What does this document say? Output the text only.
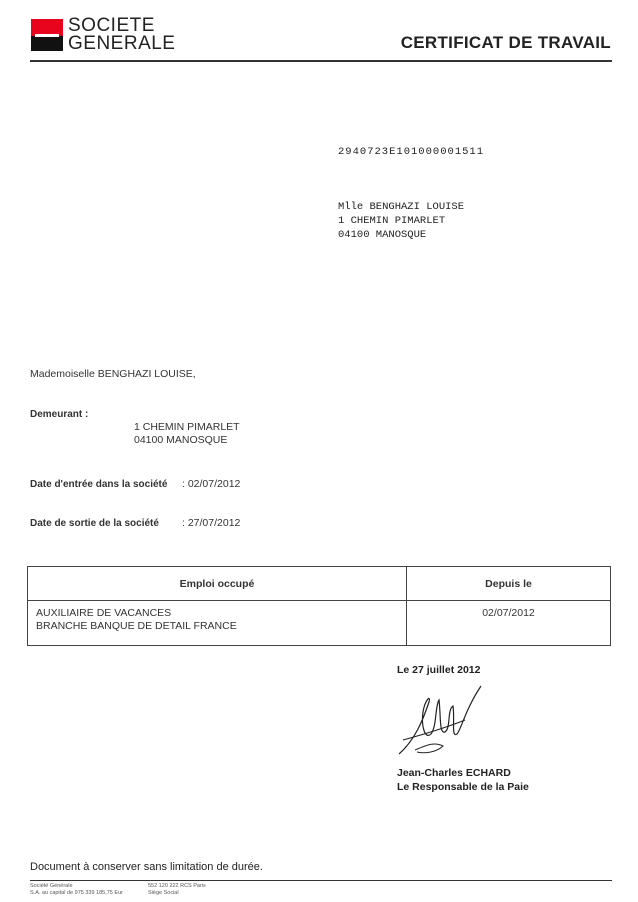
SOCIETE
GENERALE	CERTIFICAT DE TRAVAIL
2940723E101000001511
Mlle BENGHAZI LOUISE
1 CHEMIN PIMARLET
04100 MANOSQUE
Mademoiselle BENGHAZI LOUISE,
Demeurant :
1 CHEMIN PIMARLET
04100 MANOSQUE
Date d'entrée dans la société : 02/07/2012
Date de sortie de la société : 27/07/2012
Emploi occupé	Depuis le

AUXILIAIRE DE VACANCES
BRANCHE BANQUE DE DETAIL FRANCE	02/07/2012
Le 27 juillet 2012
Jean-Charles ECHARD
Le Responsable de la Paie
Document à conserver sans limitation de durée.
Société Générale
S.A. au capital de 975 339 185,75 Eur
552 120 222 RCS Paris
Siège Social
